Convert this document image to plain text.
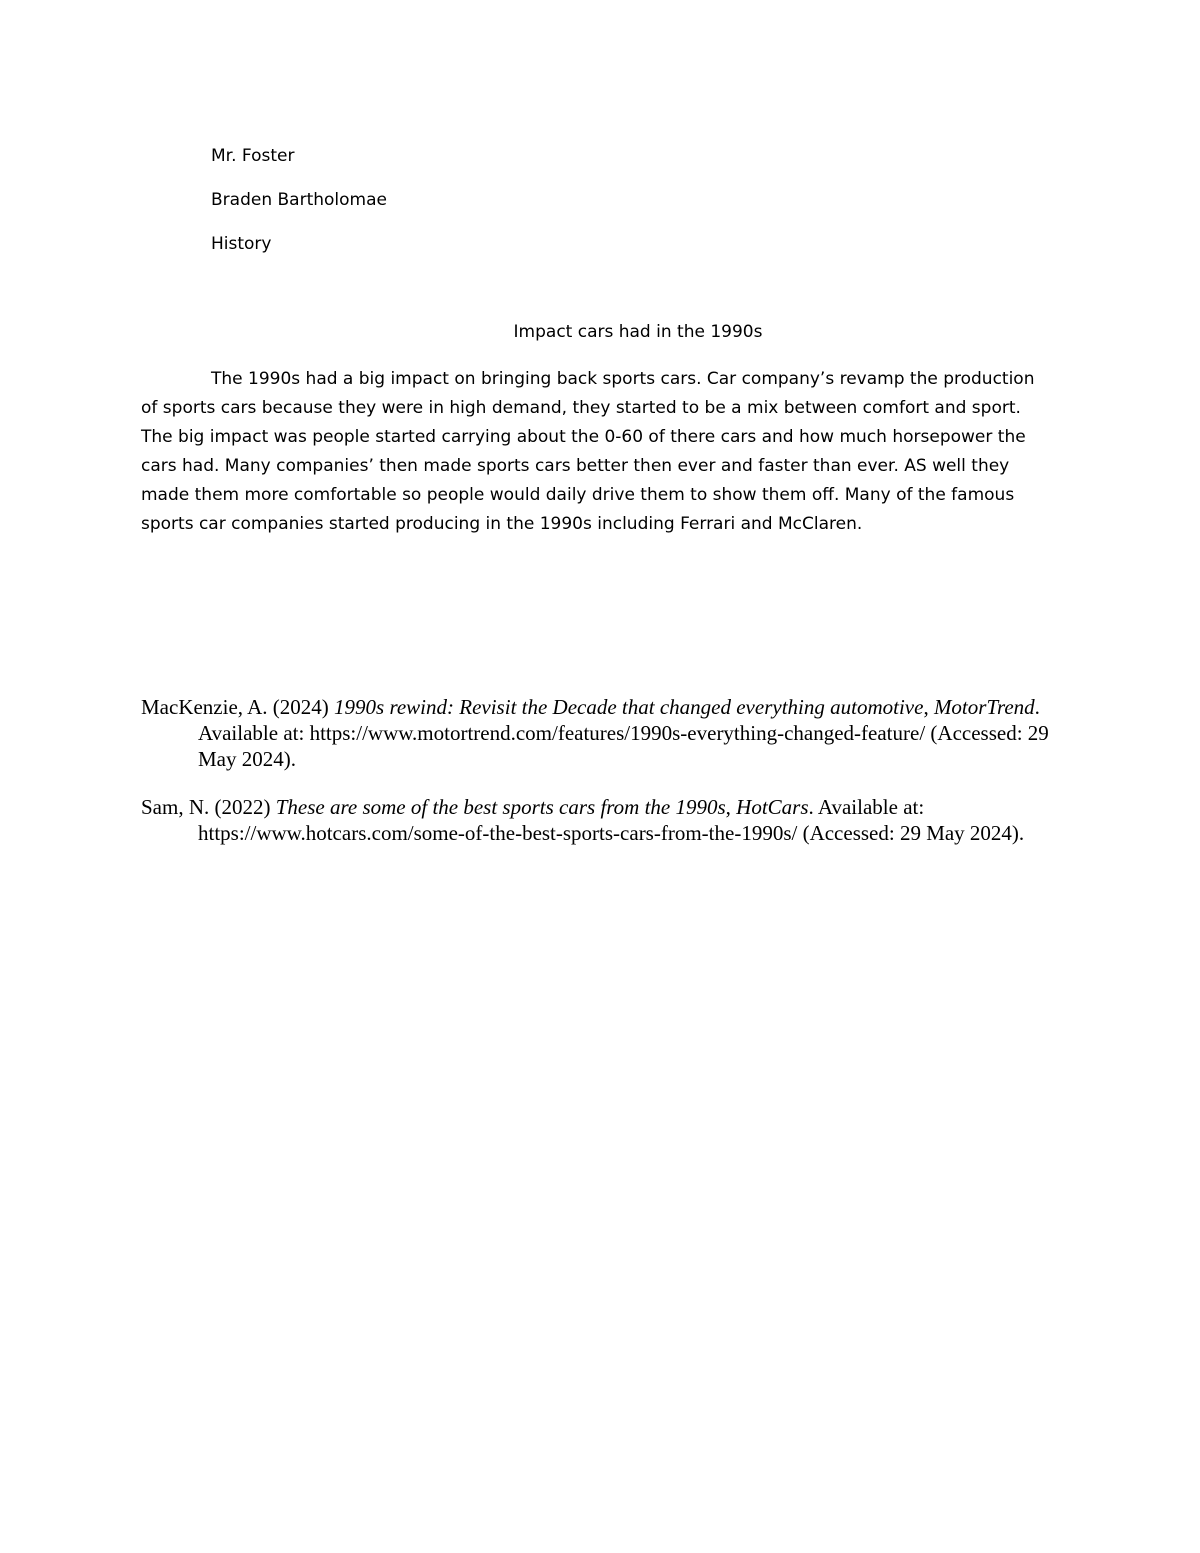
Mr. Foster
Braden Bartholomae
History
Impact cars had in the 1990s

The 1990s had a big impact on bringing back sports cars. Car company’s revamp the production of sports cars because they were in high demand, they started to be a mix between comfort and sport. The big impact was people started carrying about the 0-60 of there cars and how much horsepower the cars had. Many companies’ then made sports cars better then ever and faster than ever. AS well they made them more comfortable so people would daily drive them to show them off. Many of the famous sports car companies started producing in the 1990s including Ferrari and McClaren.

MacKenzie, A. (2024) 1990s rewind: Revisit the Decade that changed everything automotive, MotorTrend. Available at: https://www.motortrend.com/features/1990s-everything-changed-feature/ (Accessed: 29 May 2024).

Sam, N. (2022) These are some of the best sports cars from the 1990s, HotCars. Available at: https://www.hotcars.com/some-of-the-best-sports-cars-from-the-1990s/ (Accessed: 29 May 2024).
